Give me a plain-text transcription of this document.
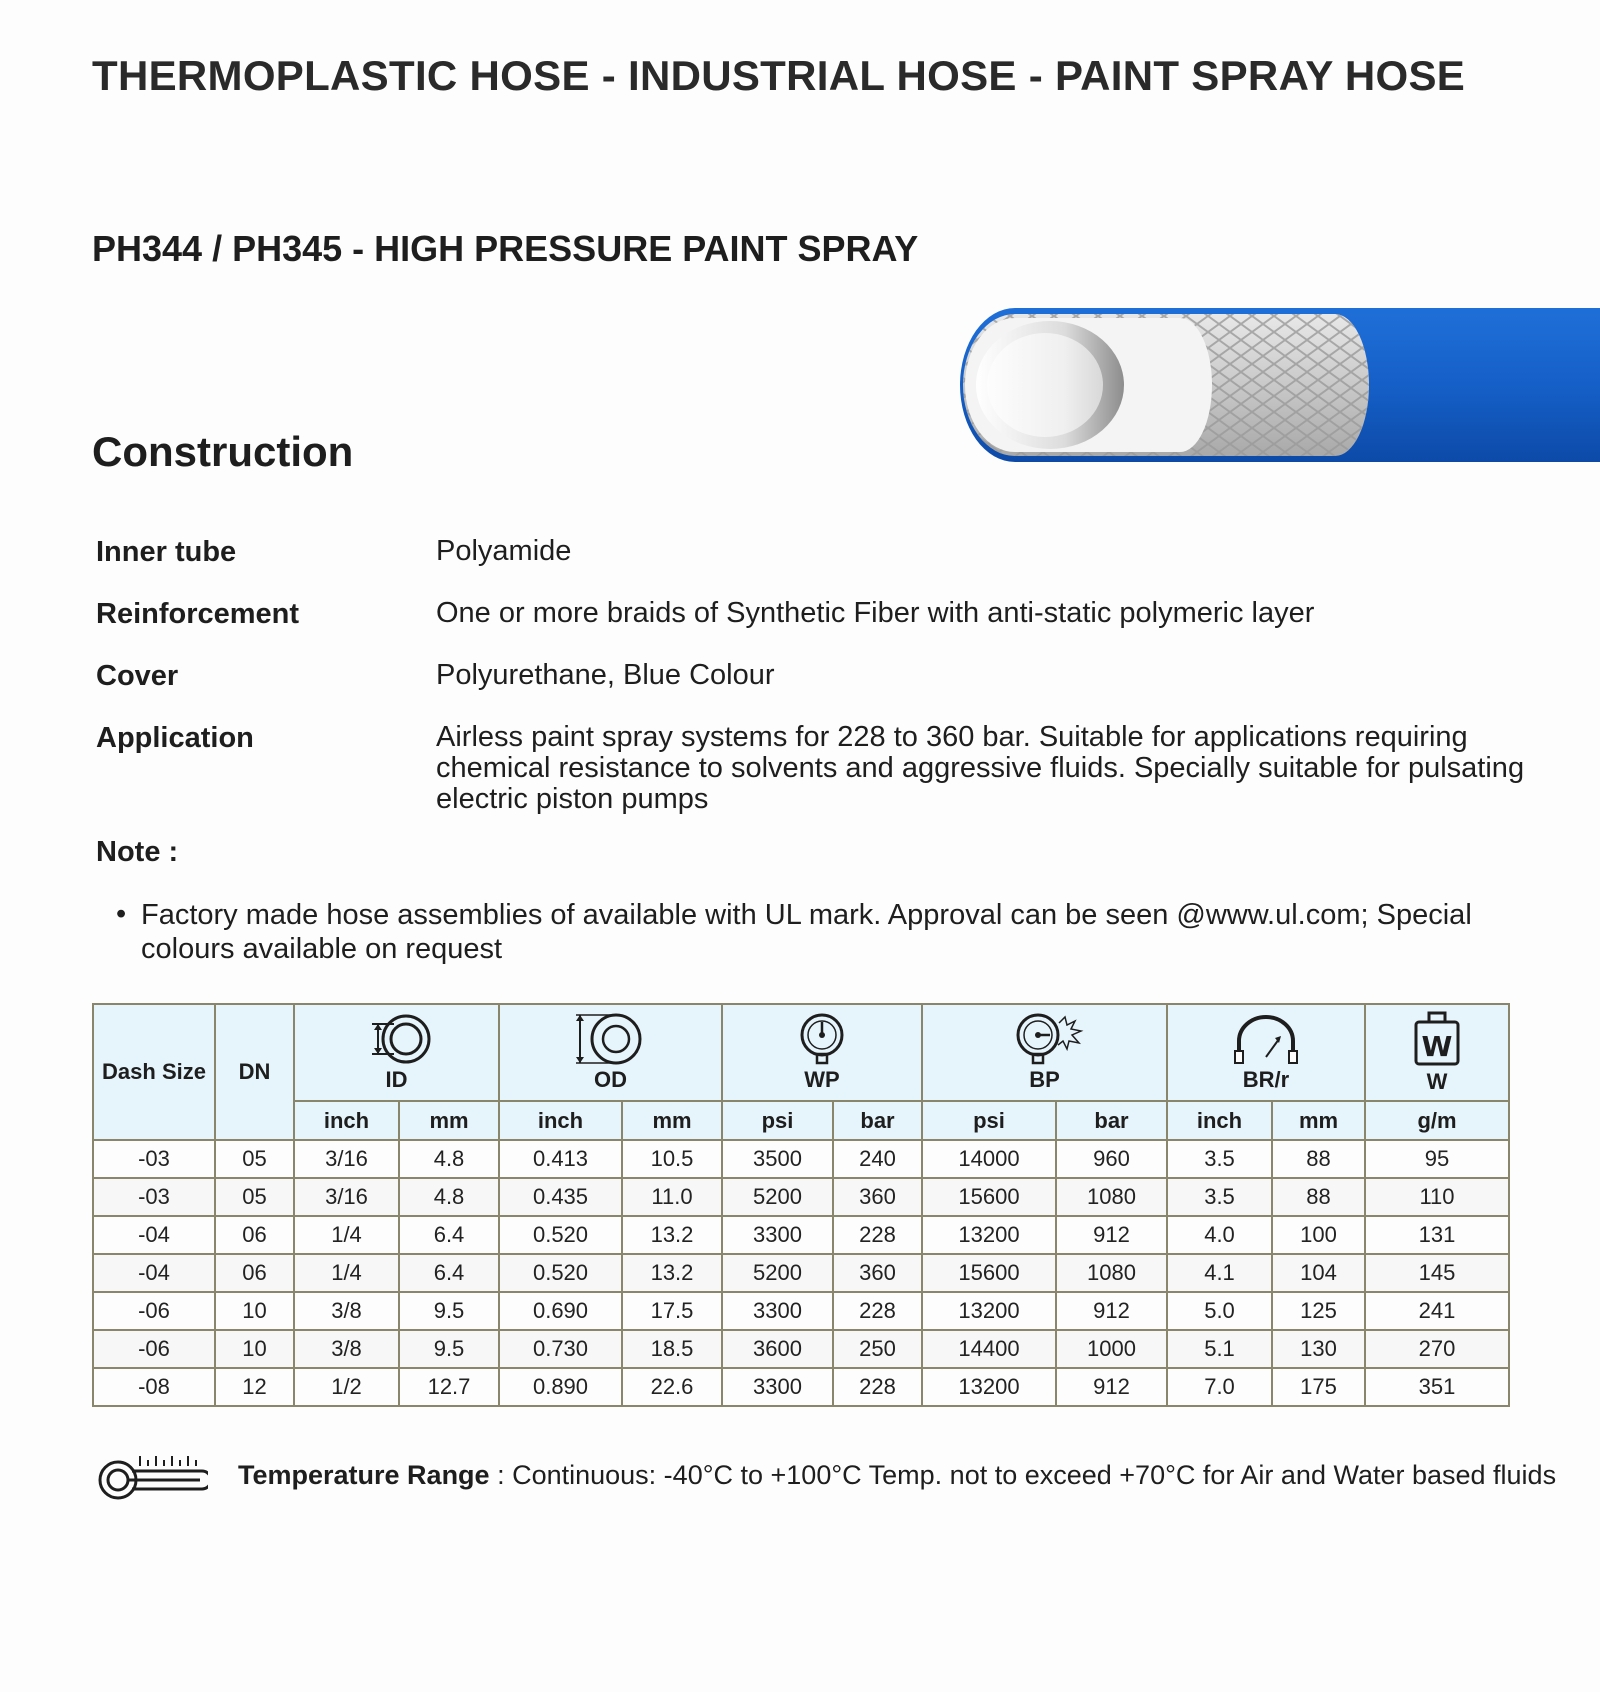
THERMOPLASTIC HOSE - INDUSTRIAL HOSE - PAINT SPRAY HOSE
PH344 / PH345 - HIGH PRESSURE PAINT SPRAY
Construction
Inner tube	Polyamide
Reinforcement	One or more braids of Synthetic Fiber with anti-static polymeric layer
Cover	Polyurethane, Blue Colour
Application	Airless paint spray systems for 228 to 360 bar. Suitable for applications requiring chemical resistance to solvents and aggressive fluids. Specially suitable for pulsating electric piston pumps
Note :
• Factory made hose assemblies of available with UL mark. Approval can be seen @www.ul.com; Special colours available on request
Dash Size	DN	ID		OD		WP		BP		BR/r		W
W

		inch	mm	inch	mm	psi	bar	psi	bar	inch	mm	g/m
-03	05	3/16	4.8	0.413	10.5	3500	240	14000	960	3.5	88	95
-03	05	3/16	4.8	0.435	11.0	5200	360	15600	1080	3.5	88	110
-04	06	1/4	6.4	0.520	13.2	3300	228	13200	912	4.0	100	131
-04	06	1/4	6.4	0.520	13.2	5200	360	15600	1080	4.1	104	145
-06	10	3/8	9.5	0.690	17.5	3300	228	13200	912	5.0	125	241
-06	10	3/8	9.5	0.730	18.5	3600	250	14400	1000	5.1	130	270
-08	12	1/2	12.7	0.890	22.6	3300	228	13200	912	7.0	175	351
Temperature Range : Continuous: -40°C to +100°C Temp. not to exceed +70°C for Air and Water based fluids
